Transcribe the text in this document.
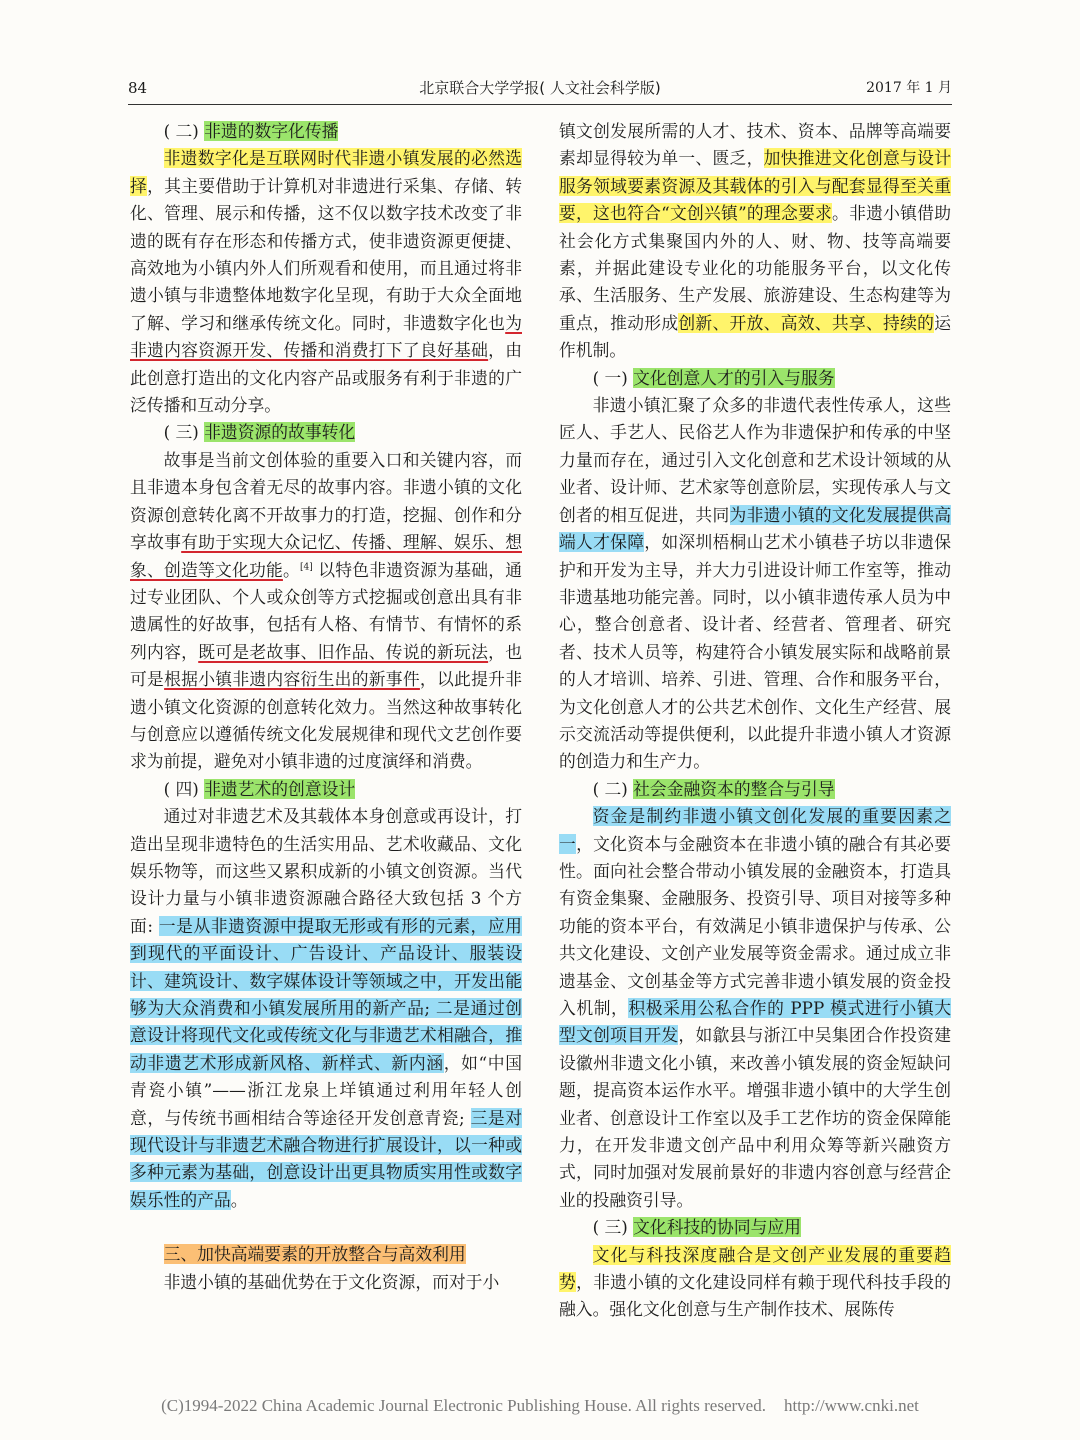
84	北京联合大学学报( 人文社会科学版)	2017 年 1 月

( 二) 非遗的数字化传播

非遗数字化是互联网时代非遗小镇发展的必然选择，其主要借助于计算机对非遗进行采集、存储、转化、管理、展示和传播，这不仅以数字技术改变了非遗的既有存在形态和传播方式，使非遗资源更便捷、高效地为小镇内外人们所观看和使用，而且通过将非遗小镇与非遗整体地数字化呈现，有助于大众全面地了解、学习和继承传统文化。同时，非遗数字化也为非遗内容资源开发、传播和消费打下了良好基础，由此创意打造出的文化内容产品或服务有利于非遗的广泛传播和互动分享。

( 三) 非遗资源的故事转化

故事是当前文创体验的重要入口和关键内容，而且非遗本身包含着无尽的故事内容。非遗小镇的文化资源创意转化离不开故事力的打造，挖掘、创作和分享故事有助于实现大众记忆、传播、理解、娱乐、想象、创造等文化功能。[4] 以特色非遗资源为基础，通过专业团队、个人或众创等方式挖掘或创意出具有非遗属性的好故事，包括有人格、有情节、有情怀的系列内容，既可是老故事、旧作品、传说的新玩法，也可是根据小镇非遗内容衍生出的新事件，以此提升非遗小镇文化资源的创意转化效力。当然这种故事转化与创意应以遵循传统文化发展规律和现代文艺创作要求为前提，避免对小镇非遗的过度演绎和消费。

( 四) 非遗艺术的创意设计

通过对非遗艺术及其载体本身创意或再设计，打造出呈现非遗特色的生活实用品、艺术收藏品、文化娱乐物等，而这些又累积成新的小镇文创资源。当代设计力量与小镇非遗资源融合路径大致包括 3 个方面: 一是从非遗资源中提取无形或有形的元素，应用到现代的平面设计、广告设计、产品设计、服装设计、建筑设计、数字媒体设计等领域之中，开发出能够为大众消费和小镇发展所用的新产品; 二是通过创意设计将现代文化或传统文化与非遗艺术相融合，推动非遗艺术形成新风格、新样式、新内涵，如“中国青瓷小镇”——浙江龙泉上垟镇通过利用年轻人创意，与传统书画相结合等途径开发创意青瓷; 三是对现代设计与非遗艺术融合物进行扩展设计，以一种或多种元素为基础，创意设计出更具物质实用性或数字娱乐性的产品。

三、加快高端要素的开放整合与高效利用

非遗小镇的基础优势在于文化资源，而对于小

镇文创发展所需的人才、技术、资本、品牌等高端要素却显得较为单一、匮乏，加快推进文化创意与设计服务领域要素资源及其载体的引入与配套显得至关重要，这也符合“文创兴镇”的理念要求。非遗小镇借助社会化方式集聚国内外的人、财、物、技等高端要素，并据此建设专业化的功能服务平台，以文化传承、生活服务、生产发展、旅游建设、生态构建等为重点，推动形成创新、开放、高效、共享、持续的运作机制。

( 一) 文化创意人才的引入与服务

非遗小镇汇聚了众多的非遗代表性传承人，这些匠人、手艺人、民俗艺人作为非遗保护和传承的中坚力量而存在，通过引入文化创意和艺术设计领域的从业者、设计师、艺术家等创意阶层，实现传承人与文创者的相互促进，共同为非遗小镇的文化发展提供高端人才保障，如深圳梧桐山艺术小镇巷子坊以非遗保护和开发为主导，并大力引进设计师工作室等，推动非遗基地功能完善。同时，以小镇非遗传承人员为中心，整合创意者、设计者、经营者、管理者、研究者、技术人员等，构建符合小镇发展实际和战略前景的人才培训、培养、引进、管理、合作和服务平台，为文化创意人才的公共艺术创作、文化生产经营、展示交流活动等提供便利，以此提升非遗小镇人才资源的创造力和生产力。

( 二) 社会金融资本的整合与引导

资金是制约非遗小镇文创化发展的重要因素之一，文化资本与金融资本在非遗小镇的融合有其必要性。面向社会整合带动小镇发展的金融资本，打造具有资金集聚、金融服务、投资引导、项目对接等多种功能的资本平台，有效满足小镇非遗保护与传承、公共文化建设、文创产业发展等资金需求。通过成立非遗基金、文创基金等方式完善非遗小镇发展的资金投入机制，积极采用公私合作的 PPP 模式进行小镇大型文创项目开发，如歙县与浙江中吴集团合作投资建设徽州非遗文化小镇，来改善小镇发展的资金短缺问题，提高资本运作水平。增强非遗小镇中的大学生创业者、创意设计工作室以及手工艺作坊的资金保障能力，在开发非遗文创产品中利用众筹等新兴融资方式，同时加强对发展前景好的非遗内容创意与经营企业的投融资引导。

( 三) 文化科技的协同与应用

文化与科技深度融合是文创产业发展的重要趋势，非遗小镇的文化建设同样有赖于现代科技手段的融入。强化文化创意与生产制作技术、展陈传

(C)1994-2022 China Academic Journal Electronic Publishing House. All rights reserved. http://www.cnki.net
